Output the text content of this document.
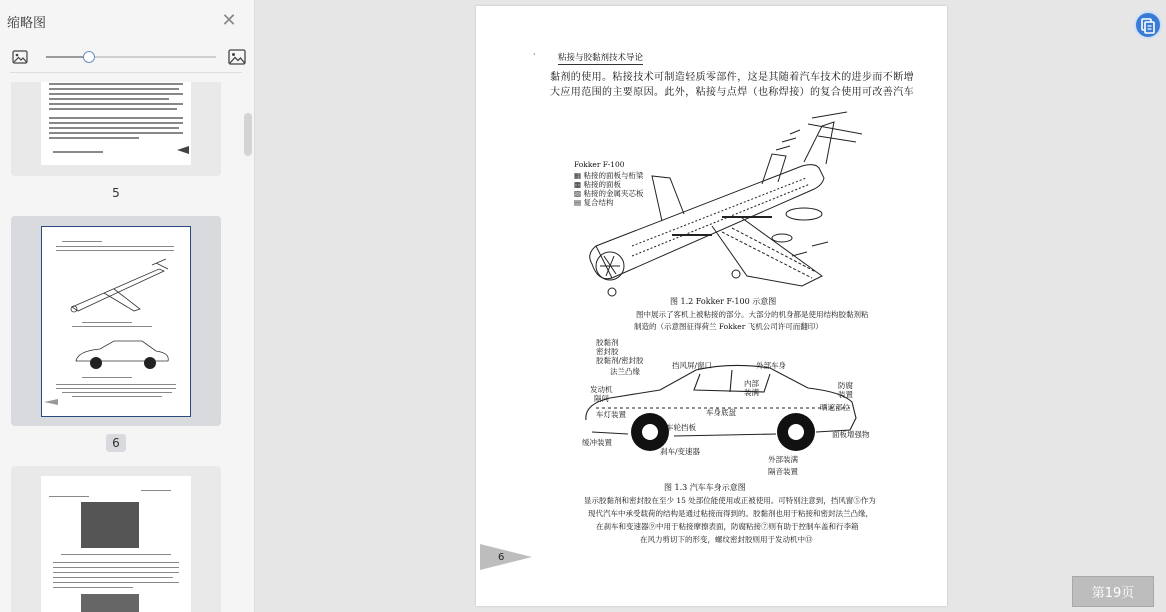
缩略图	✕
5
6
·	粘接与胶黏剂技术导论
黏剂的使用。粘接技术可制造轻质零部件，这是其随着汽车技术的进步而不断增
大应用范围的主要原因。此外，粘接与点焊（也称焊接）的复合使用可改善汽车
Fokker F-100
▦ 粘接的面板与桁梁
▩ 粘接的面板
▨ 粘接的金属夹芯板
▤ 复合结构
图 1.2 Fokker F-100 示意图
图中展示了客机上被粘接的部分。大部分的机身都是使用结构胶黏剂粘
制造的（示意图征得荷兰 Fokker 飞机公司许可而翻印）
胶黏剂
密封胶
胶黏剂/密封胶
法兰凸缘
挡风屏/窗口	外部车身
内部
装满
防腐
装置
发动机
隔间
车身底盘
晒遮部位
车灯装置
车轮挡板
面板增强物
缓冲装置
刹车/变速器
外部装满
隔音装置
图 1.3 汽车车身示意图
显示胶黏剂和密封胶在至少 15 处部位能使用或正被使用。可特别注意到，挡风窗⑤作为
现代汽车中承受载荷的结构是通过粘接而得到的。胶黏剂也用于粘接和密封法兰凸缘，
在刹车和变速器⑨中用于粘接摩擦表面，防腐粘接⑦则有助于控制车盖和行李箱
在风力剪切下的形变，螺纹密封胶则用于发动机中⑬
6
第19页
